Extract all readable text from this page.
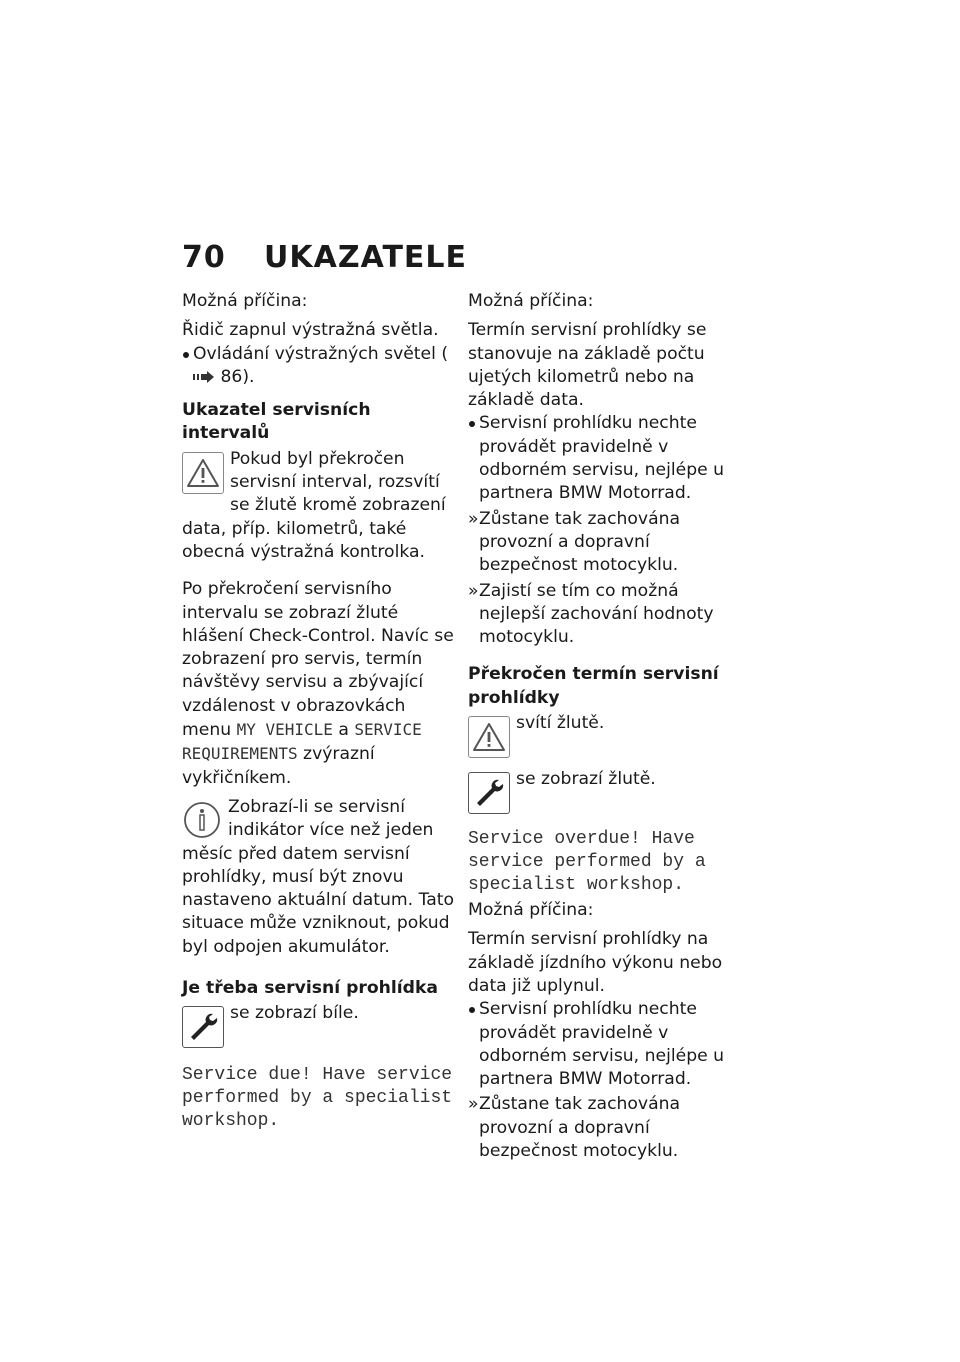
70 UKAZATELE

Možná příčina:

Řidič zapnul výstražná světla.

Ovládání výstražných světel ( 86).

Ukazatel servisních intervalů

Pokud byl překročen servisní interval, rozsvítí se žlutě kromě zobrazení data, příp. kilometrů, také obecná výstražná kontrolka.

Po překročení servisního intervalu se zobrazí žluté hlášení Check-Control. Navíc se zobrazení pro servis, termín návštěvy servisu a zbývající vzdálenost v obrazovkách menu MY VEHICLE a SERVICE REQUIREMENTS zvýrazní vykřičníkem.

Zobrazí-li se servisní indikátor více než jeden měsíc před datem servisní prohlídky, musí být znovu nastaveno aktuální datum. Tato situace může vzniknout, pokud byl odpojen akumulátor.

Je třeba servisní prohlídka

se zobrazí bíle.

Service due! Have service performed by a specialist workshop.

Možná příčina:

Termín servisní prohlídky se stanovuje na základě počtu ujetých kilometrů nebo na základě data.

Servisní prohlídku nechte provádět pravidelně v odborném servisu, nejlépe u partnera BMW Motorrad.

» Zůstane tak zachována provozní a dopravní bezpečnost motocyklu.

» Zajistí se tím co možná nejlepší zachování hodnoty motocyklu.

Překročen termín servisní prohlídky

svítí žlutě.

se zobrazí žlutě.

Service overdue! Have service performed by a specialist workshop.

Možná příčina:

Termín servisní prohlídky na základě jízdního výkonu nebo data již uplynul.

Servisní prohlídku nechte provádět pravidelně v odborném servisu, nejlépe u partnera BMW Motorrad.

» Zůstane tak zachována provozní a dopravní bezpečnost motocyklu.
